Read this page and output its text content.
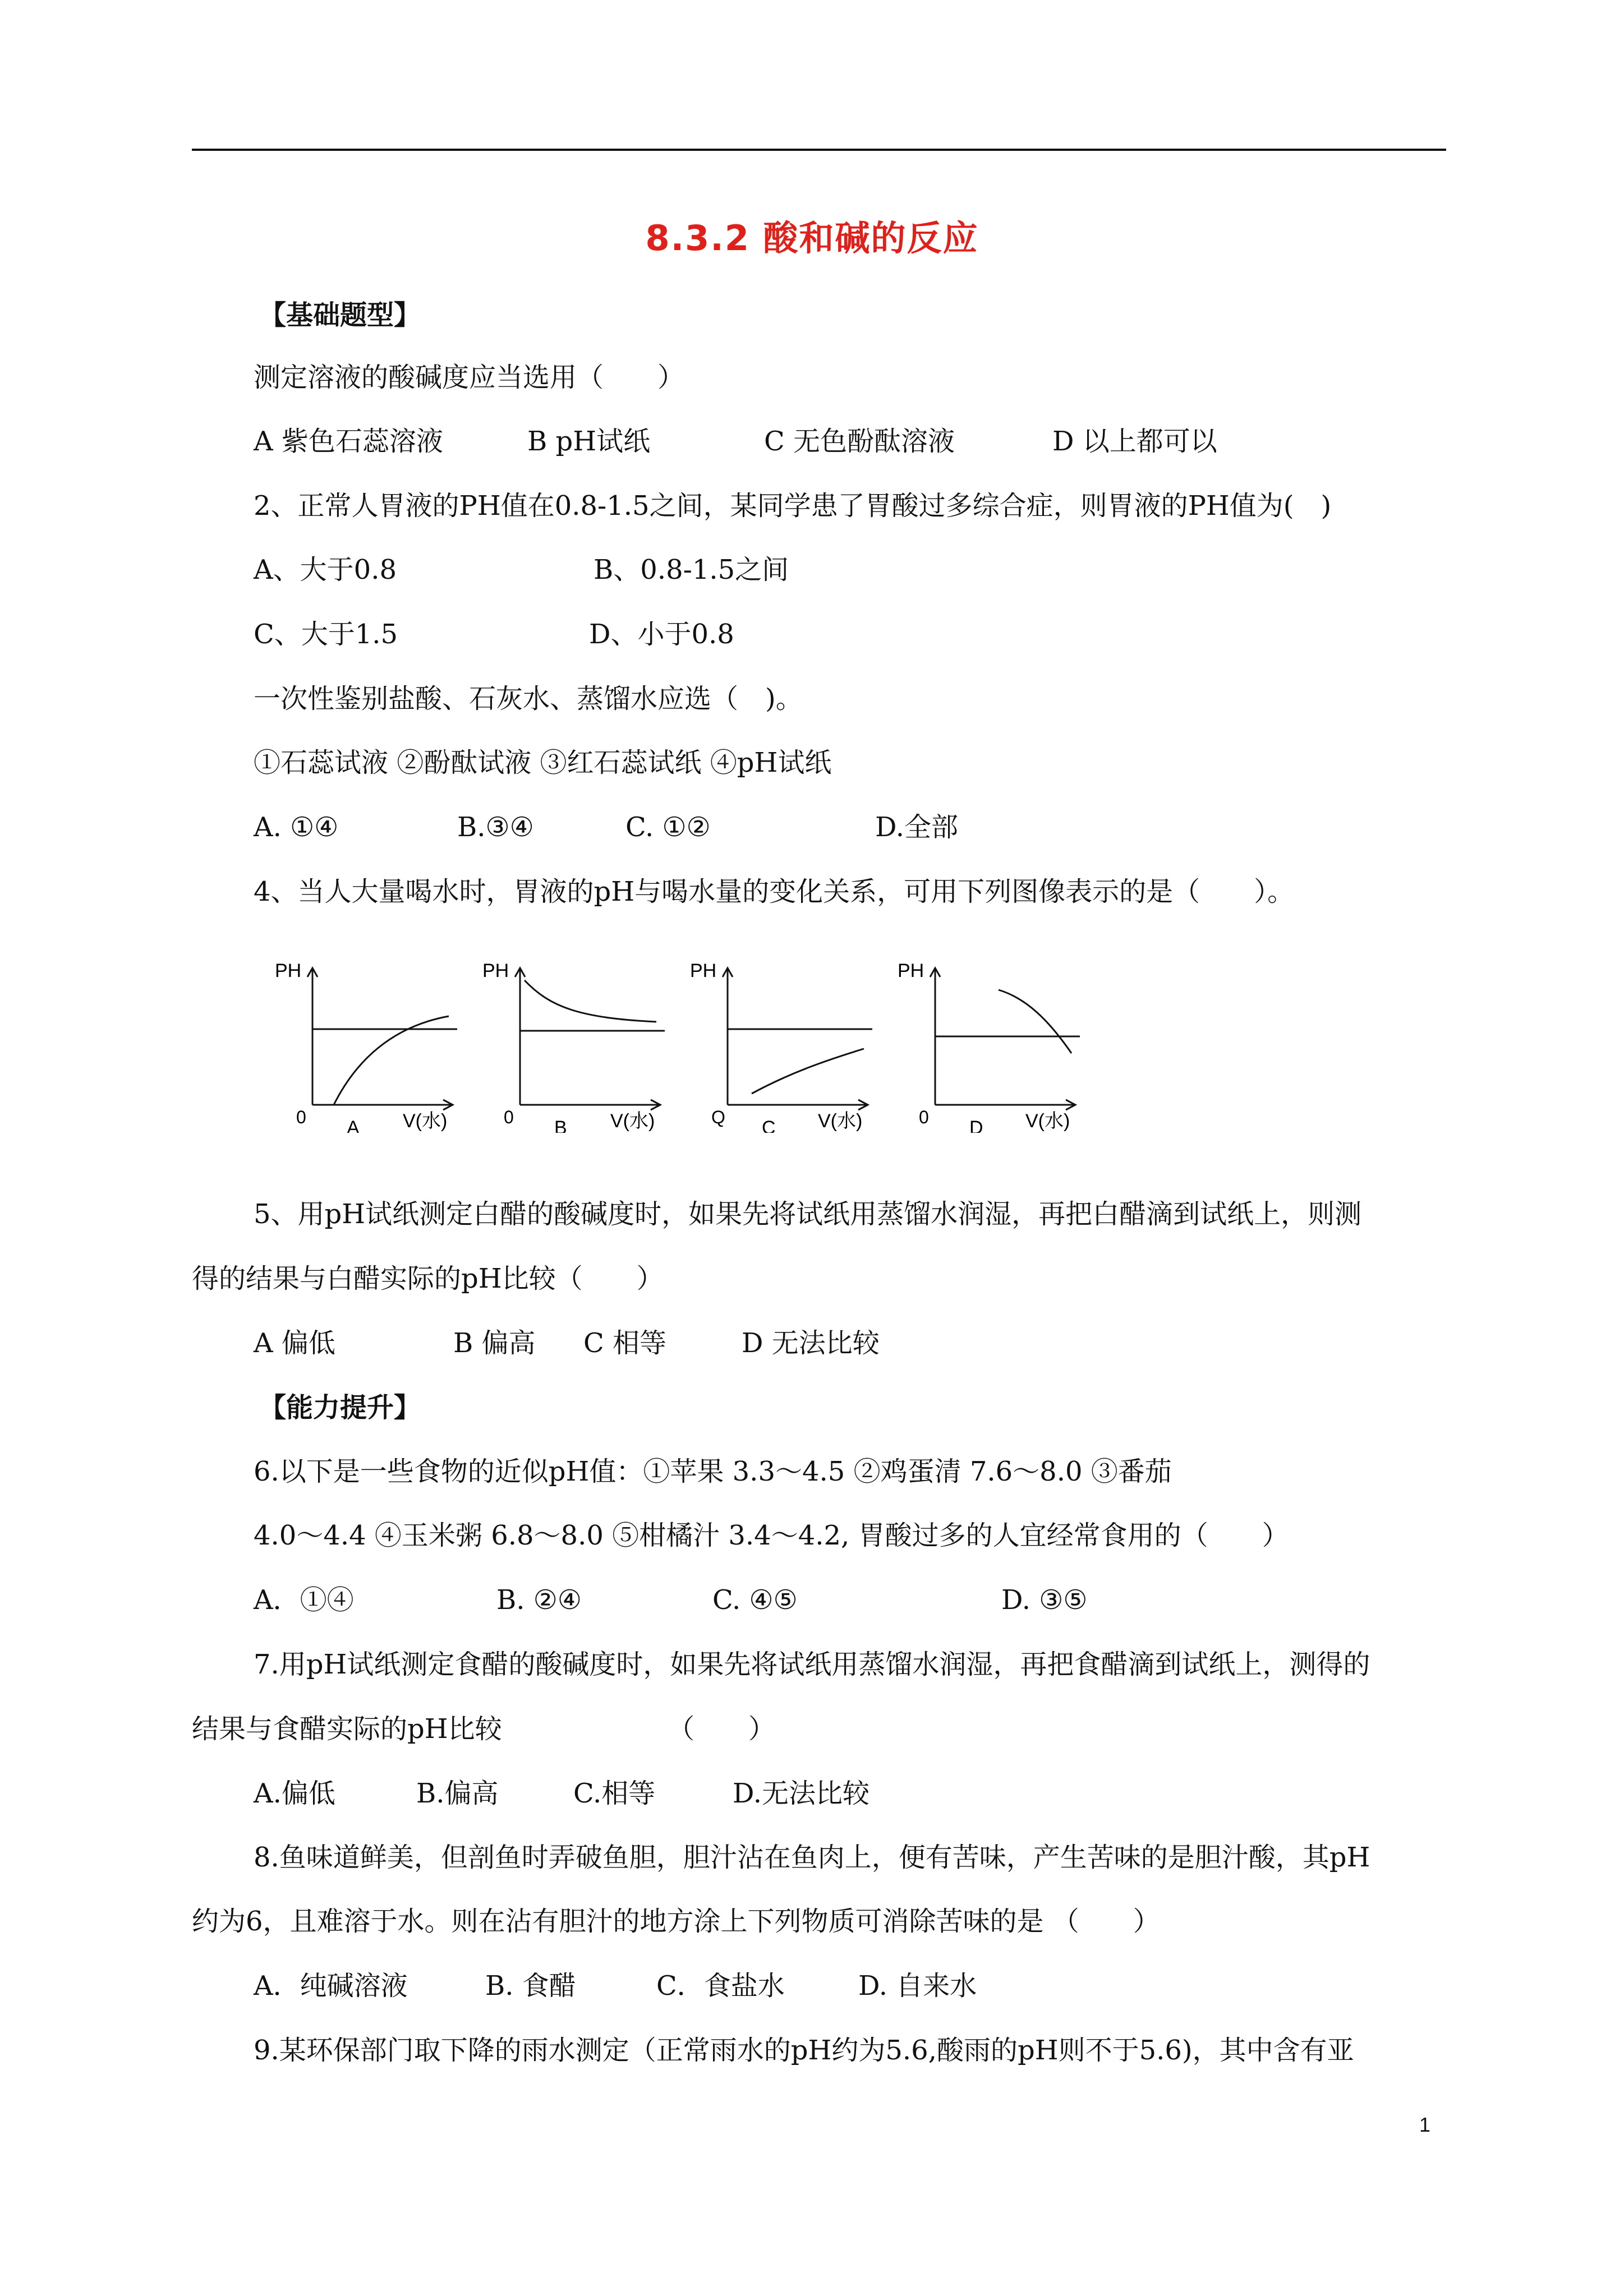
8.3.2 酸和碱的反应
【基础题型】
测定溶液的酸碱度应当选用（　　）
A 紫色石蕊溶液	B pH试纸	C 无色酚酞溶液	D 以上都可以
2、正常人胃液的PH值在0.8-1.5之间，某同学患了胃酸过多综合症，则胃液的PH值为(　)
A、大于0.8	B、0.8-1.5之间
C、大于1.5	D、小于0.8
一次性鉴别盐酸、石灰水、蒸馏水应选（　)。
①石蕊试液 ②酚酞试液 ③红石蕊试纸 ④pH试纸
A. ①④	B.③④	C. ①②	D.全部
4、当人大量喝水时，胃液的pH与喝水量的变化关系，可用下列图像表示的是（　　）。
PH
0	V(水)
A
PH
0	V(水)
B
PH
Q	V(水)
C
PH
0	V(水)
D
5、用pH试纸测定白醋的酸碱度时，如果先将试纸用蒸馏水润湿，再把白醋滴到试纸上，则测
得的结果与白醋实际的pH比较（　　）
A 偏低	B 偏高 C 相等	D 无法比较
【能力提升】
6.以下是一些食物的近似pH值：①苹果 3.3～4.5 ②鸡蛋清 7.6～8.0 ③番茄
4.0～4.4 ④玉米粥 6.8～8.0 ⑤柑橘汁 3.4～4.2, 胃酸过多的人宜经常食用的（　　）
A．①④	B. ②④	C. ④⑤	D. ③⑤
7.用pH试纸测定食醋的酸碱度时，如果先将试纸用蒸馏水润湿，再把食醋滴到试纸上，测得的
结果与食醋实际的pH比较	（　　）
A.偏低	B.偏高	C.相等	D.无法比较
8.鱼味道鲜美，但剖鱼时弄破鱼胆，胆汁沾在鱼肉上，便有苦味，产生苦味的是胆汁酸，其pH
约为6，且难溶于水。则在沾有胆汁的地方涂上下列物质可消除苦味的是 （　　）
A．纯碱溶液	B. 食醋	C．食盐水	D. 自来水
9.某环保部门取下降的雨水测定（正常雨水的pH约为5.6,酸雨的pH则不于5.6)，其中含有亚
1
